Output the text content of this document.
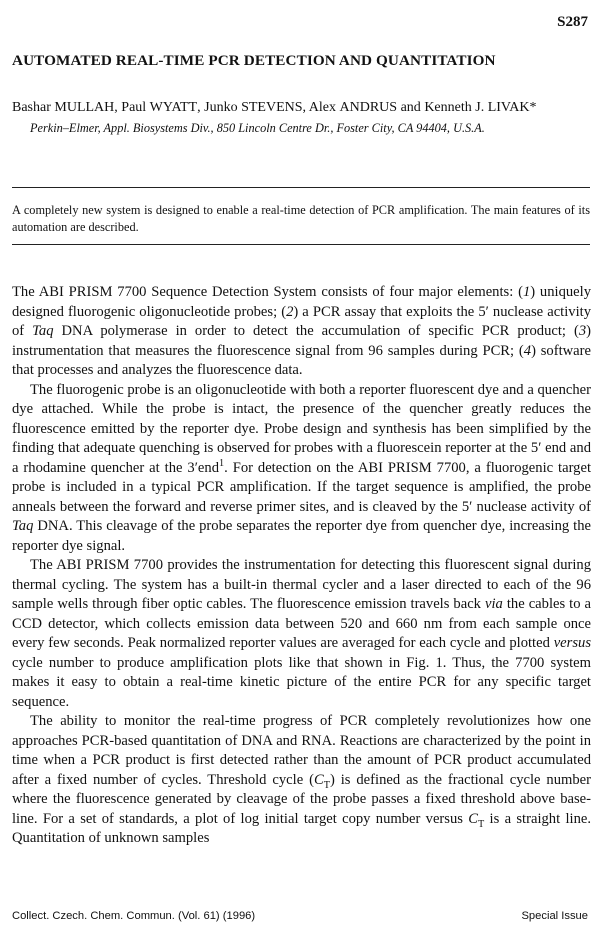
S287
AUTOMATED REAL-TIME PCR DETECTION AND QUANTITATION
Bashar MULLAH, Paul WYATT, Junko STEVENS, Alex ANDRUS and Kenneth J. LIVAK*
Perkin–Elmer, Appl. Biosystems Div., 850 Lincoln Centre Dr., Foster City, CA 94404, U.S.A.
A completely new system is designed to enable a real-time detection of PCR amplification. The main features of its automation are described.

The ABI PRISM 7700 Sequence Detection System consists of four major elements: (1) uniquely designed fluorogenic oligonucleotide probes; (2) a PCR assay that exploits the 5′ nuclease activity of Taq DNA polymerase in order to detect the accumulation of specific PCR product; (3) instrumentation that measures the fluorescence signal from 96 samples during PCR; (4) software that processes and analyzes the fluorescence data.

The fluorogenic probe is an oligonucleotide with both a reporter fluorescent dye and a quencher dye attached. While the probe is intact, the presence of the quencher greatly reduces the fluorescence emitted by the reporter dye. Probe design and synthesis has been simplified by the finding that adequate quenching is observed for probes with a fluorescein reporter at the 5′ end and a rhodamine quencher at the 3′end$^1$. For detection on the ABI PRISM 7700, a fluorogenic target probe is included in a typical PCR amplification. If the target sequence is amplified, the probe anneals between the forward and reverse primer sites, and is cleaved by the 5′ nuclease activity of Taq DNA. This cleavage of the probe separates the reporter dye from quencher dye, increasing the reporter dye signal.

The ABI PRISM 7700 provides the instrumentation for detecting this fluorescent signal during thermal cycling. The system has a built-in thermal cycler and a laser directed to each of the 96 sample wells through fiber optic cables. The fluorescence emission travels back via the cables to a CCD detector, which collects emission data between 520 and 660 nm from each sample once every few seconds. Peak normalized reporter values are averaged for each cycle and plotted versus cycle number to produce amplification plots like that shown in Fig. 1. Thus, the 7700 system makes it easy to obtain a real-time kinetic picture of the entire PCR for any specific target sequence.

The ability to monitor the real-time progress of PCR completely revolutionizes how one approaches PCR-based quantitation of DNA and RNA. Reactions are characterized by the point in time when a PCR product is first detected rather than the amount of PCR product accumulated after a fixed number of cycles. Threshold cycle $(C_T)$ is defined as the fractional cycle number where the fluorescence generated by cleavage of the probe passes a fixed threshold above base-line. For a set of standards, a plot of log initial target copy number versus $C_T$ is a straight line. Quantitation of unknown samples

Collect. Czech. Chem. Commun. (Vol. 61) (1996)	Special Issue
